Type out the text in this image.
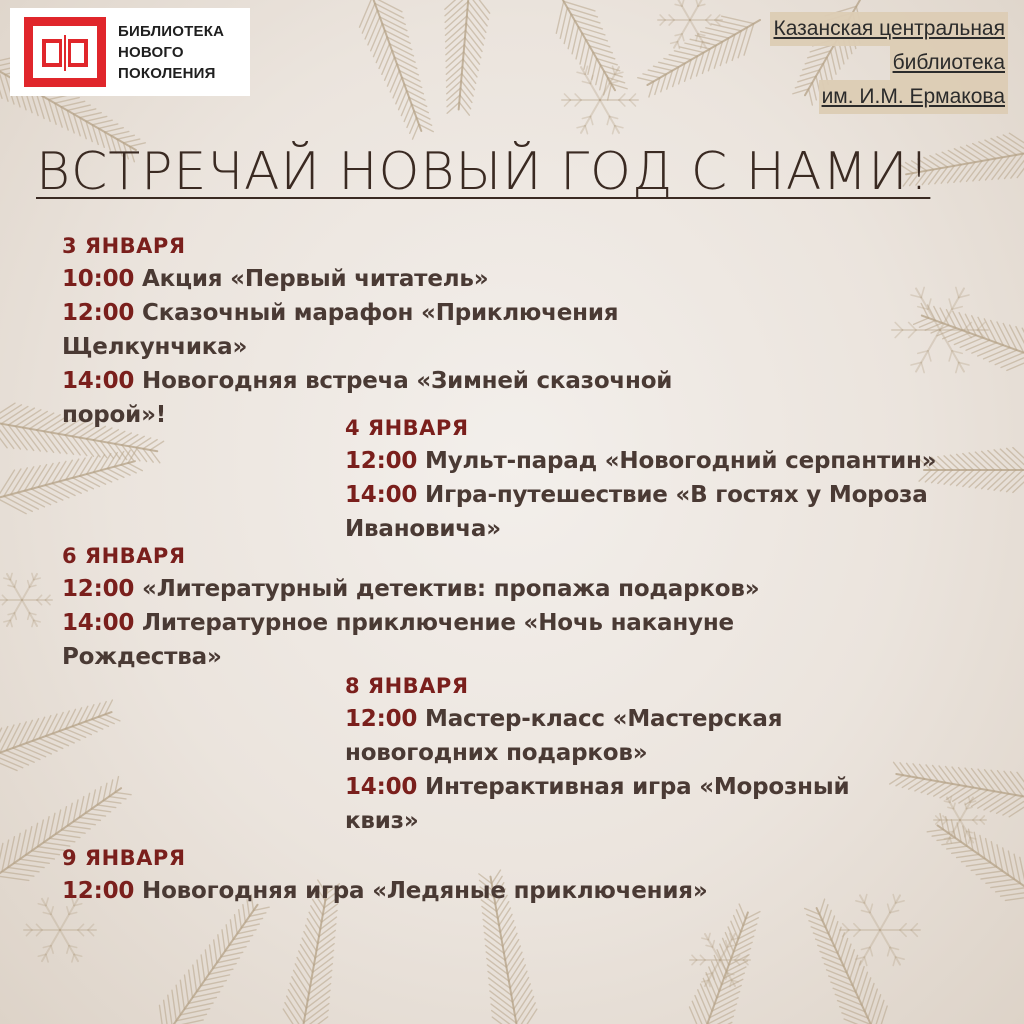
БИБЛИОТЕКА
НОВОГО
ПОКОЛЕНИЯ
Казанская центральная
библиотека
им. И.М. Ермакова
ВСТРЕЧАЙ НОВЫЙ ГОД С НАМИ!
3 ЯНВАРЯ
10:00 Акция «Первый читатель»
12:00 Сказочный марафон «Приключения
Щелкунчика»
14:00 Новогодняя встреча «Зимней сказочной
порой»!	4 ЯНВАРЯ
12:00 Мульт-парад «Новогодний серпантин»
14:00 Игра-путешествие «В гостях у Мороза
Ивановича»
6 ЯНВАРЯ
12:00 «Литературный детектив: пропажа подарков»
14:00 Литературное приключение «Ночь накануне
Рождества»
8 ЯНВАРЯ
12:00 Мастер-класс «Мастерская
новогодних подарков»
14:00 Интерактивная игра «Морозный
квиз»
9 ЯНВАРЯ
12:00 Новогодняя игра «Ледяные приключения»
